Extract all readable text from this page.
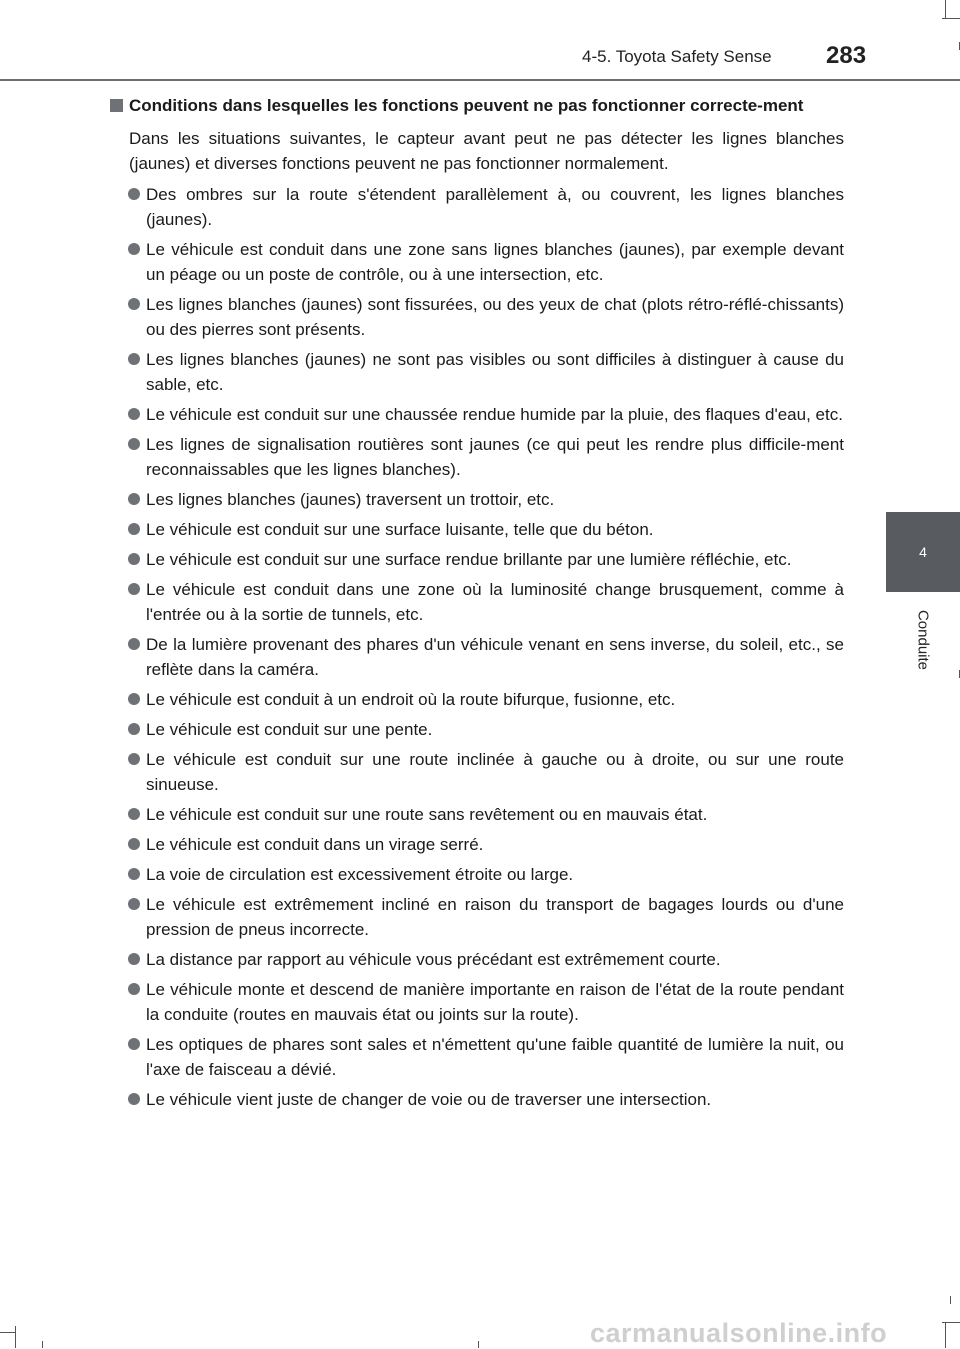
4-5. Toyota Safety Sense 283
4
Conduite
Conditions dans lesquelles les fonctions peuvent ne pas fonctionner correcte-ment
Dans les situations suivantes, le capteur avant peut ne pas détecter les lignes blanches (jaunes) et diverses fonctions peuvent ne pas fonctionner normalement.
Des ombres sur la route s'étendent parallèlement à, ou couvrent, les lignes blanches (jaunes).
Le véhicule est conduit dans une zone sans lignes blanches (jaunes), par exemple devant un péage ou un poste de contrôle, ou à une intersection, etc.
Les lignes blanches (jaunes) sont fissurées, ou des yeux de chat (plots rétro-réflé-chissants) ou des pierres sont présents.
Les lignes blanches (jaunes) ne sont pas visibles ou sont difficiles à distinguer à cause du sable, etc.
Le véhicule est conduit sur une chaussée rendue humide par la pluie, des flaques d'eau, etc.
Les lignes de signalisation routières sont jaunes (ce qui peut les rendre plus difficile-ment reconnaissables que les lignes blanches).
Les lignes blanches (jaunes) traversent un trottoir, etc.
Le véhicule est conduit sur une surface luisante, telle que du béton.
Le véhicule est conduit sur une surface rendue brillante par une lumière réfléchie, etc.
Le véhicule est conduit dans une zone où la luminosité change brusquement, comme à l'entrée ou à la sortie de tunnels, etc.
De la lumière provenant des phares d'un véhicule venant en sens inverse, du soleil, etc., se reflète dans la caméra.
Le véhicule est conduit à un endroit où la route bifurque, fusionne, etc.
Le véhicule est conduit sur une pente.
Le véhicule est conduit sur une route inclinée à gauche ou à droite, ou sur une route sinueuse.
Le véhicule est conduit sur une route sans revêtement ou en mauvais état.
Le véhicule est conduit dans un virage serré.
La voie de circulation est excessivement étroite ou large.
Le véhicule est extrêmement incliné en raison du transport de bagages lourds ou d'une pression de pneus incorrecte.
La distance par rapport au véhicule vous précédant est extrêmement courte.
Le véhicule monte et descend de manière importante en raison de l'état de la route pendant la conduite (routes en mauvais état ou joints sur la route).
Les optiques de phares sont sales et n'émettent qu'une faible quantité de lumière la nuit, ou l'axe de faisceau a dévié.
Le véhicule vient juste de changer de voie ou de traverser une intersection.
carmanualsonline.info
